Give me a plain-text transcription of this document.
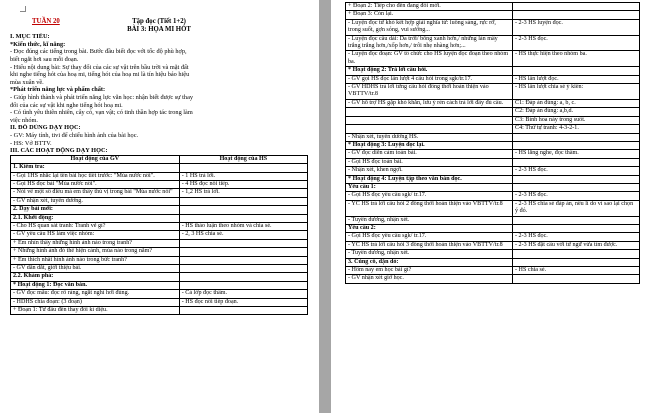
TUẦN 20	Tập đọc (Tiết 1+2)
BÀI 3: HỌA MI HÓT
I. MỤC TIÊU:
*Kiến thức, kĩ năng:
- Đọc đúng các tiếng trong bài. Bước đầu biết đọc với tốc độ phù hợp,
biết ngắt hơi sau mỗi đoạn.
- Hiểu nội dung bài: Sự thay đổi của các sự vật trên bầu trời và mặt đất
khi nghe tiếng hót của hoạ mi, tiếng hót của hoạ mi là tín hiệu báo hiệu
mùa xuân về.
*Phát triển năng lực và phẩm chất:
- Giúp hình thành và phát triển năng lực văn học: nhận biết được sự thay
đổi của các sự vật khi nghe tiếng hót hoạ mi.
- Có tình yêu thiên nhiên, cây cỏ, vạn vật; có tinh thần hợp tác trong làm
việc nhóm.
II. ĐỒ DÙNG DẠY HỌC:
- GV: Máy tính, tivi để chiếu hình ảnh của bài học.
- HS: Vở BTTV.
III. CÁC HOẠT ĐỘNG DẠY HỌC:
Hoạt động của GV	Hoạt động của HS
1. Kiểm tra:	
- Gọi 1HS nhắc lại tên bài học tiết trước: "Mùa nước nổi".	- 1 HS trả lời.
- Gọi HS đọc bài "Mùa nước nổi".	- 4 HS đọc nối tiếp.
- Nói về một số điều mà em thấy thú vị trong bài "Mùa nước nổi"	- 1,2 HS trả lời.
- GV nhận xét, tuyên dương.	
2. Dạy bài mới:	
2.1. Khởi động:	
- Cho HS quan sát tranh: Tranh vẽ gì?	- HS thảo luận theo nhóm và chia sẻ.
- GV yêu cầu HS làm việc nhóm:	- 2, 3 HS chia sẻ.
+ Em nhìn thấy những hình ảnh nào trong tranh?	
+ Những hình ảnh đó thể hiện cảnh, mùa nào trong năm?	
+ Em thích nhất hình ảnh nào trong bức tranh?	
- GV dẫn dắt, giới thiệu bài.	
2.2. Khám phá:	
* Hoạt động 1: Đọc văn bản.	
- GV đọc mẫu: đọc rõ ràng, ngắt nghỉ hơi đúng.	- Cả lớp đọc thầm.
- HDHS chia đoạn: (3 đoạn)	- HS đọc nối tiếp đoạn.
+ Đoạn 1: Từ đầu đến thay đổi kì diệu.	
+ Đoạn 2: Tiếp cho đến đang đổi mới.	
+ Đoạn 3: Còn lại.	
- Luyện đọc từ khó kết hợp giải nghĩa từ: luồng sáng, rực rỡ, trong suốt, gợn sóng, vui sướng...	- 2-3 HS luyện đọc.
- Luyện đọc câu dài: Da trời/ bỗng xanh hơn,/ những làn mây trắng trắng hơn,/xốp hơn,/ trôi nhẹ nhàng hơn;...	- 2-3 HS đọc.
- Luyện đọc đoạn: GV tổ chức cho HS luyện đọc đoạn theo nhóm ba.	- HS thực hiện theo nhóm ba.
* Hoạt động 2: Trả lời câu hỏi.	
- GV gọi HS đọc lần lượt 4 câu hỏi trong sgk/tr.17.	- HS lần lượt đọc.
- GV HDHS trả lời từng câu hỏi đồng thời hoàn thiện vào VBTTV/tr.8	- HS lần lượt chia sẻ ý kiến:
- GV hỗ trợ HS gặp khó khăn, lưu ý rèn cách trả lời đầy đủ câu.	C1: Đáp án đúng: a, b, c.
	C2: Đáp án đúng: a,b,d.
	C3: Bình hoa này trong suốt.
	C4: Thứ tự tranh: 4-3-2-1.
- Nhận xét, tuyên dương HS.	
* Hoạt động 3: Luyện đọc lại.	
- GV đọc diễn cảm toàn bài.	- HS lắng nghe, đọc thầm.
- Gọi HS đọc toàn bài.	
- Nhận xét, khen ngợi.	- 2-3 HS đọc.
* Hoạt động 4: Luyện tập theo văn bản đọc.	
Yêu cầu 1:	
- Gọi HS đọc yêu cầu sgk/ tr.17.	- 2-3 HS đọc.
- YC HS trả lời câu hỏi 2 đồng thời hoàn thiện vào VBTTV/tr.8	- 2-3 HS chia sẻ đáp án, nêu lí do vì sao lại chọn ý đó.
- Tuyên dương, nhận xét.	
Yêu cầu 2:	
- Gọi HS đọc yêu cầu sgk/ tr.17.	- 2-3 HS đọc.
- YC HS trả lời câu hỏi 3 đồng thời hoàn thiện vào VBTTV/tr.8	- 2-3 HS đặt câu với từ ngữ vừa tìm được.
- Tuyên dương, nhận xét.	
3. Củng cố, dặn dò:	
- Hôm nay em học bài gì?	- HS chia sẻ.
- GV nhận xét giờ học.	
